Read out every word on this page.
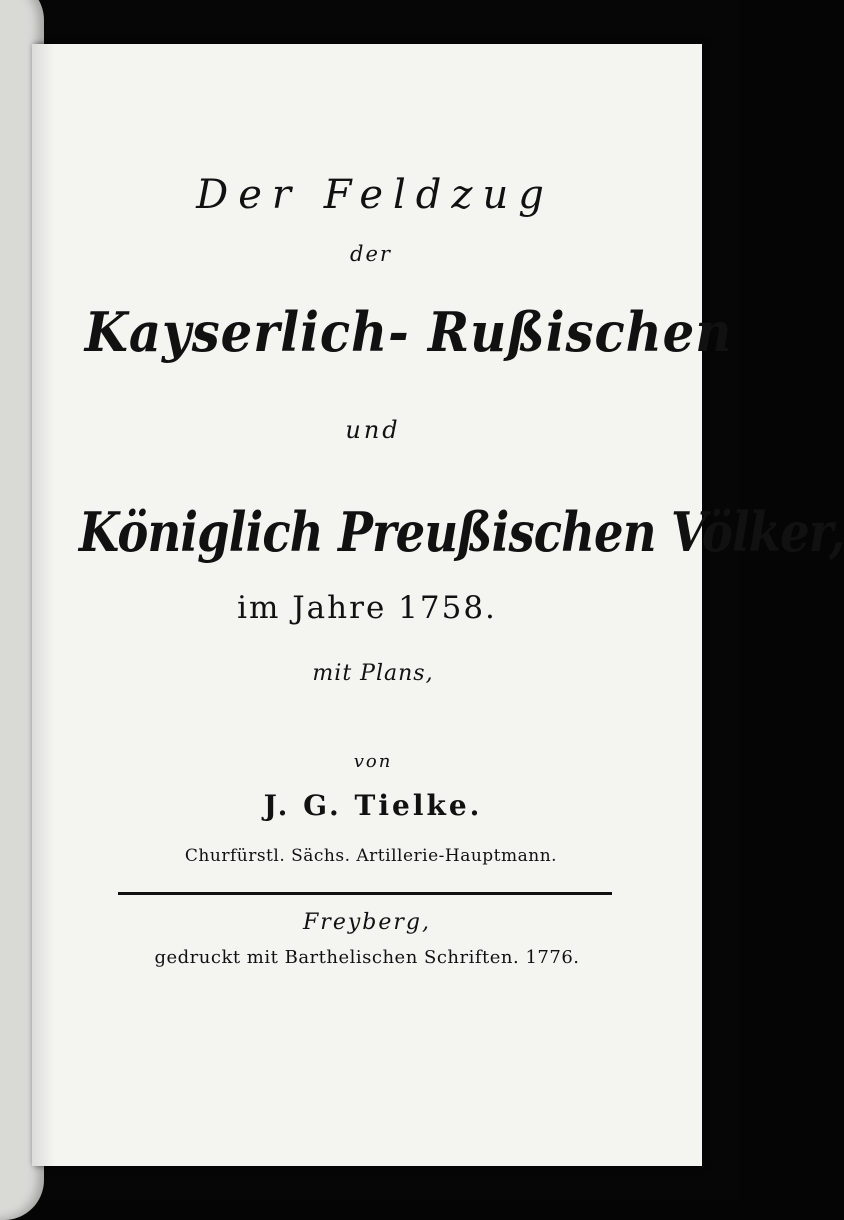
Der Feldzug
der
Kayserlich- Rußischen
und
Königlich Preußischen Völker,
im Jahre 1758.
mit Plans,
von
J. G. Tielke.
Churfürstl. Sächs. Artillerie-Hauptmann.
Freyberg,
gedruckt mit Barthelischen Schriften. 1776.
